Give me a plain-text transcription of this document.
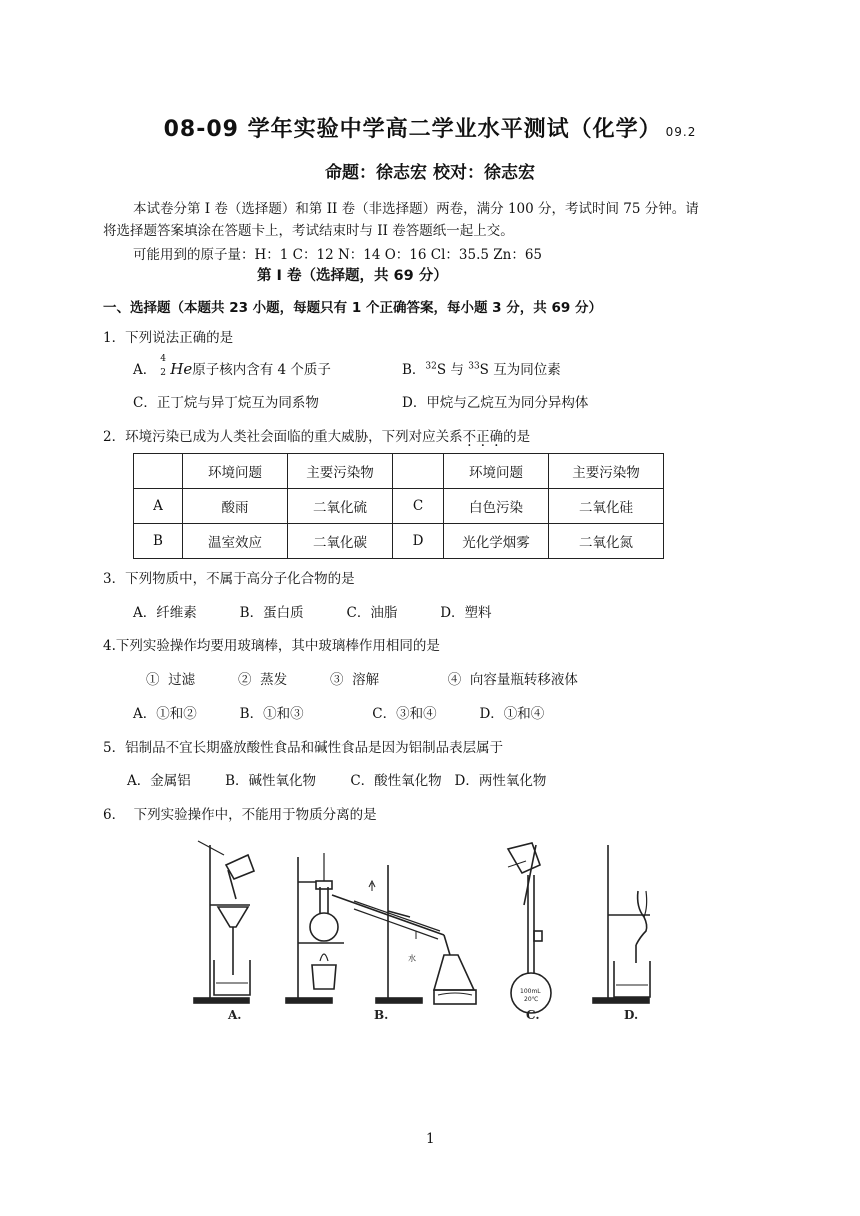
08-09 学年实验中学高二学业水平测试（化学） 09.2
命题：徐志宏 校对：徐志宏
本试卷分第 I 卷（选择题）和第 II 卷（非选择题）两卷，满分 100 分，考试时间 75 分钟。请
将选择题答案填涂在答题卡上，考试结束时与 II 卷答题纸一起上交。
可能用到的原子量：H：1 C：12 N：14 O：16 Cl：35.5 Zn：65
第 I 卷（选择题，共 69 分）
一、选择题（本题共 23 小题，每题只有 1 个正确答案，每小题 3 分，共 69 分）
1．下列说法正确的是
A．
4
2 He原子核内含有 4 个质子	B．$^{32}$S 与 $^{33}$S 互为同位素
C．正丁烷与异丁烷互为同系物	D．甲烷与乙烷互为同分异构体
2．环境污染已成为人类社会面临的重大威胁，下列对应关系不正确的是
	环境问题	主要污染物		环境问题	主要污染物
A	酸雨	二氧化硫	C	白色污染	二氧化硅
B	温室效应	二氧化碳	D	光化学烟雾	二氧化氮
3．下列物质中，不属于高分子化合物的是
A．纤维素          B．蛋白质          C．油脂          D．塑料
4.下列实验操作均要用玻璃棒，其中玻璃棒作用相同的是
①  过滤          ②  蒸发          ③  溶解                ④  向容量瓶转移液体
A．①和②          B．①和③                C．③和④          D．①和④
5．铝制品不宜长期盛放酸性食品和碱性食品是因为铝制品表层属于
A．金属铝        B．碱性氧化物        C．酸性氧化物   D．两性氧化物
6．  下列实验操作中，不能用于物质分离的是
100mL
20℃
A.	B.	C.	D.
水
1
